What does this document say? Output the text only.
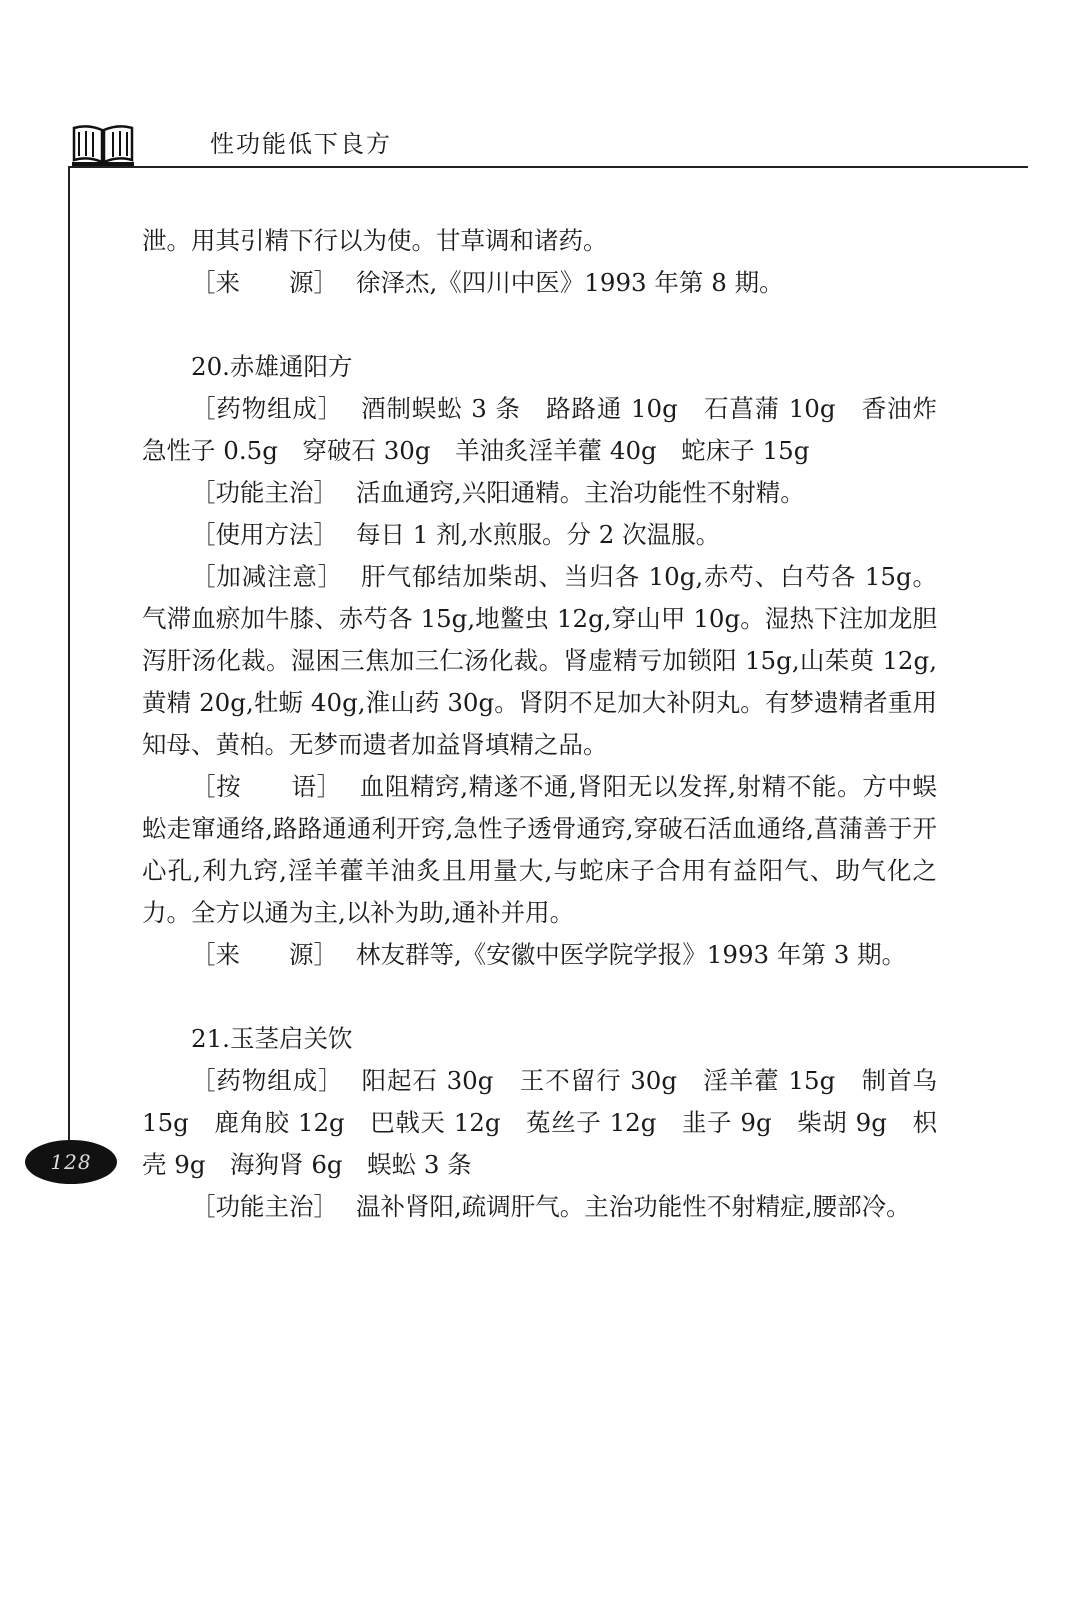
性功能低下良方
128

泄。用其引精下行以为使。甘草调和诸药。

［来　　源］ 徐泽杰,《四川中医》1993 年第 8 期。

20.赤雄通阳方

［药物组成］ 酒制蜈蚣 3 条　路路通 10g　石菖蒲 10g　香油炸急性子 0.5g　穿破石 30g　羊油炙淫羊藿 40g　蛇床子 15g

［功能主治］ 活血通窍,兴阳通精。主治功能性不射精。

［使用方法］ 每日 1 剂,水煎服。分 2 次温服。

［加减注意］ 肝气郁结加柴胡、当归各 10g,赤芍、白芍各 15g。气滞血瘀加牛膝、赤芍各 15g,地鳖虫 12g,穿山甲 10g。湿热下注加龙胆泻肝汤化裁。湿困三焦加三仁汤化裁。肾虚精亏加锁阳 15g,山茱萸 12g,黄精 20g,牡蛎 40g,淮山药 30g。肾阴不足加大补阴丸。有梦遗精者重用知母、黄柏。无梦而遗者加益肾填精之品。

［按　　语］ 血阻精窍,精遂不通,肾阳无以发挥,射精不能。方中蜈蚣走窜通络,路路通通利开窍,急性子透骨通窍,穿破石活血通络,菖蒲善于开心孔,利九窍,淫羊藿羊油炙且用量大,与蛇床子合用有益阳气、助气化之力。全方以通为主,以补为助,通补并用。

［来　　源］ 林友群等,《安徽中医学院学报》1993 年第 3 期。

21.玉茎启关饮

［药物组成］ 阳起石 30g　王不留行 30g　淫羊藿 15g　制首乌 15g　鹿角胶 12g　巴戟天 12g　菟丝子 12g　韭子 9g　柴胡 9g　枳壳 9g　海狗肾 6g　蜈蚣 3 条

［功能主治］ 温补肾阳,疏调肝气。主治功能性不射精症,腰部冷。
